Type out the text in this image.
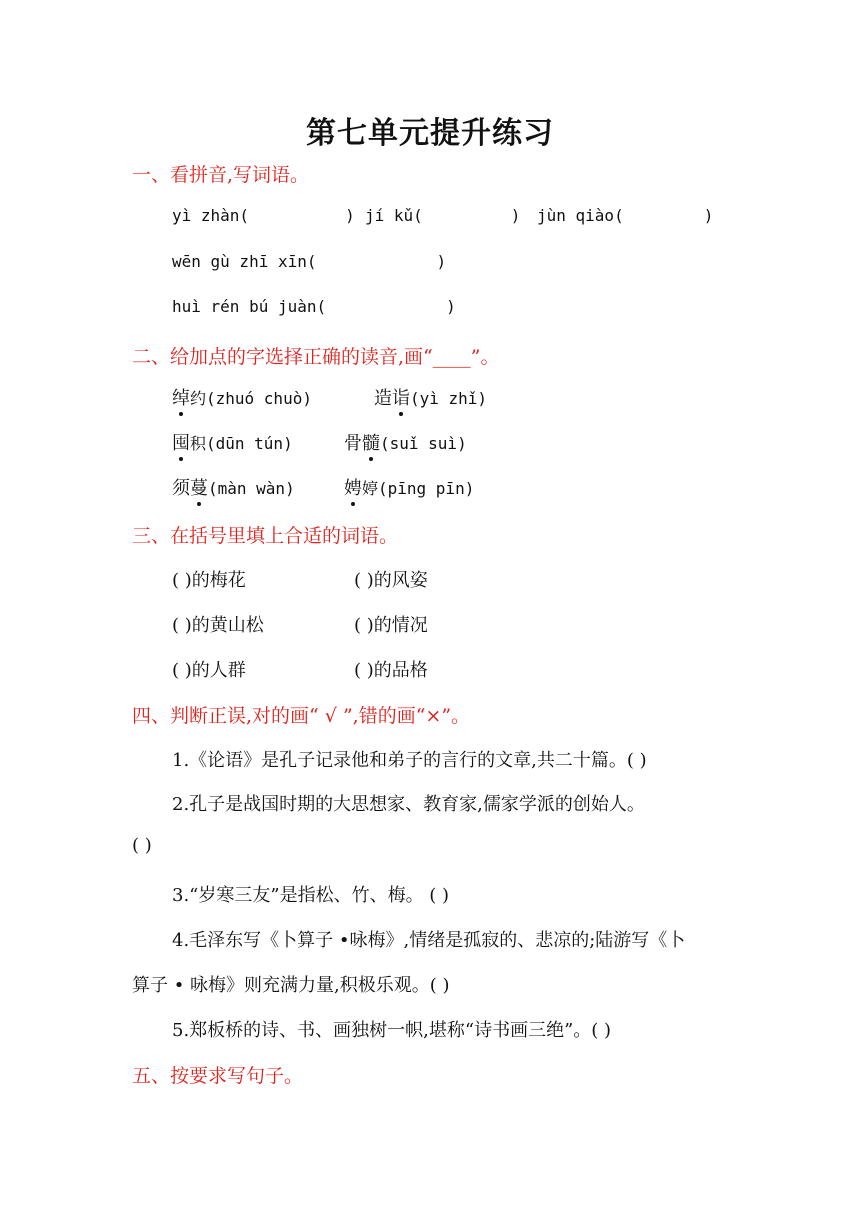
第七单元提升练习
一、看拼音,写词语。
yì zhàn(	) jí kǔ(	) jùn qiào(	)
wēn gù zhī xīn(	)
huì rén bú juàn(	)
二、给加点的字选择正确的读音,画“____”。
绰约(zhuó chuò)	造诣(yì zhǐ)
囤积(dūn tún)	骨髓(suǐ suì)
须蔓(màn wàn)	娉婷(pīng pīn)
三、在括号里填上合适的词语。
( )的梅花	( )的风姿
( )的黄山松	( )的情况
( )的人群	( )的品格
四、判断正误,对的画“ √ ”,错的画“×”。
1.《论语》是孔子记录他和弟子的言行的文章,共二十篇。( )
2.孔子是战国时期的大思想家、教育家,儒家学派的创始人。
( )
3.“岁寒三友”是指松、竹、梅。 ( )
4.毛泽东写《卜算子 •咏梅》,情绪是孤寂的、悲凉的;陆游写《卜
算子 • 咏梅》则充满力量,积极乐观。( )
5.郑板桥的诗、书、画独树一帜,堪称“诗书画三绝”。( )
五、按要求写句子。
